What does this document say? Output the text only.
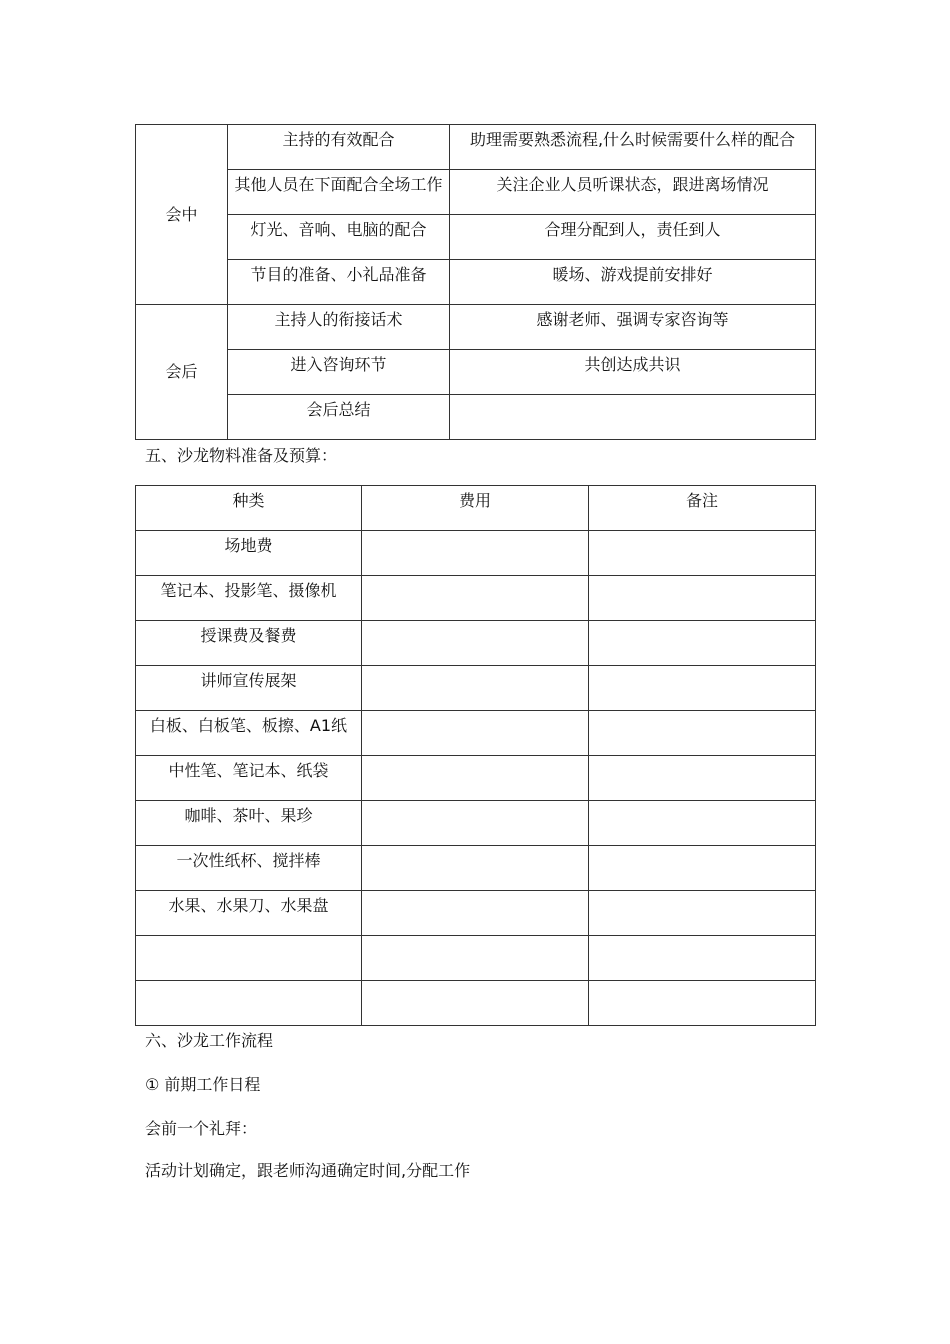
会中	主持的有效配合	助理需要熟悉流程,什么时候需要什么样的配合

	其他人员在下面配合全场工作	关注企业人员听课状态，跟进离场情况

	灯光、音响、电脑的配合	合理分配到人，责任到人

	节目的准备、小礼品准备	暖场、游戏提前安排好

会后	主持人的衔接话术	感谢老师、强调专家咨询等

	进入咨询环节	共创达成共识

	会后总结	

五、沙龙物料准备及预算：
种类	费用	备注

场地费		

笔记本、投影笔、摄像机		

授课费及餐费		

讲师宣传展架		

白板、白板笔、板擦、A1纸		

中性笔、笔记本、纸袋		

咖啡、茶叶、果珍		

一次性纸杯、搅拌棒		

水果、水果刀、水果盘		

六、沙龙工作流程
① 前期工作日程
会前一个礼拜：
活动计划确定，跟老师沟通确定时间,分配工作
